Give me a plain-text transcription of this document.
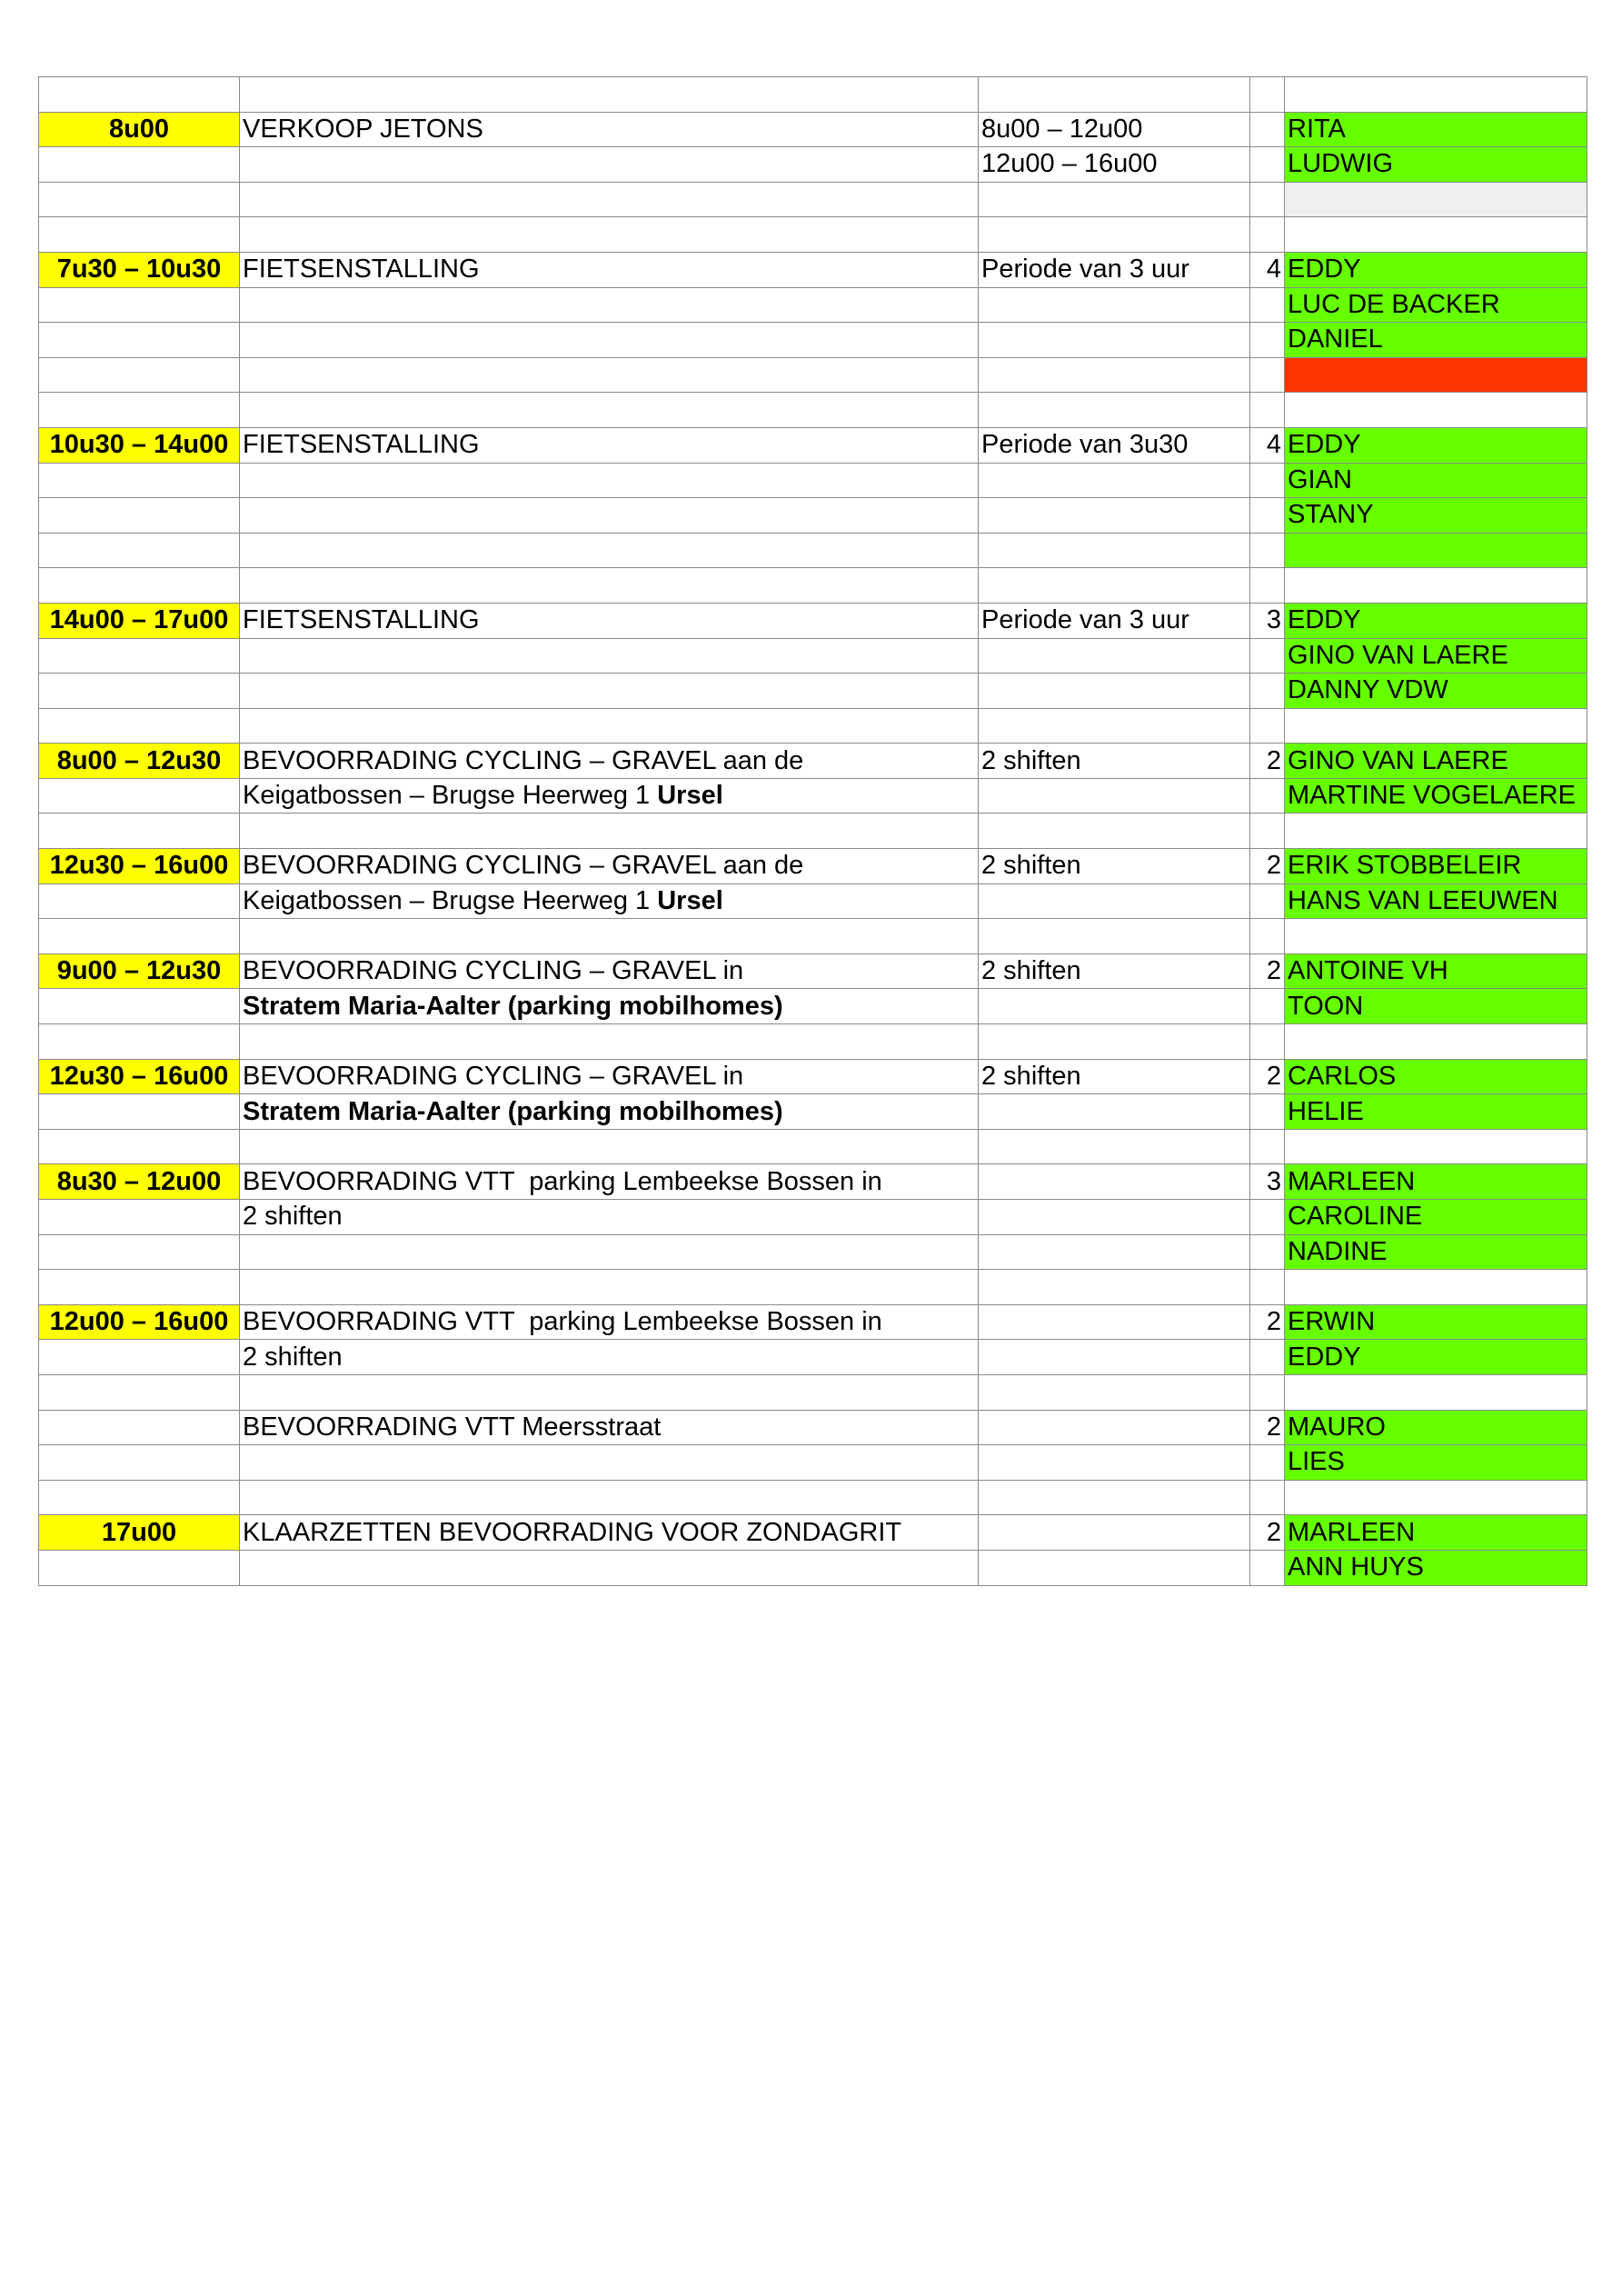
8u00	VERKOOP JETONS	8u00 – 12u00		RITA
		12u00 – 16u00		LUDWIG

7u30 – 10u30	FIETSENSTALLING	Periode van 3 uur	4	EDDY
				LUC DE BACKER
				DANIEL

10u30 – 14u00	FIETSENSTALLING	Periode van 3u30	4	EDDY
				GIAN
				STANY

14u00 – 17u00	FIETSENSTALLING	Periode van 3 uur	3	EDDY
				GINO VAN LAERE
				DANNY VDW

8u00 – 12u30	BEVOORRADING CYCLING – GRAVEL aan de	2 shiften	2	GINO VAN LAERE
	Keigatbossen – Brugse Heerweg 1 Ursel			MARTINE VOGELAERE

12u30 – 16u00	BEVOORRADING CYCLING – GRAVEL aan de	2 shiften	2	ERIK STOBBELEIR
	Keigatbossen – Brugse Heerweg 1 Ursel			HANS VAN LEEUWEN

9u00 – 12u30	BEVOORRADING CYCLING – GRAVEL in	2 shiften	2	ANTOINE VH
	Stratem Maria-Aalter (parking mobilhomes)			TOON

12u30 – 16u00	BEVOORRADING CYCLING – GRAVEL in	2 shiften	2	CARLOS
	Stratem Maria-Aalter (parking mobilhomes)			HELIE

8u30 – 12u00	BEVOORRADING VTT  parking Lembeekse Bossen in		3	MARLEEN
	2 shiften			CAROLINE
				NADINE

12u00 – 16u00	BEVOORRADING VTT  parking Lembeekse Bossen in		2	ERWIN
	2 shiften			EDDY

	BEVOORRADING VTT Meersstraat		2	MAURO
				LIES

17u00	KLAARZETTEN BEVOORRADING VOOR ZONDAGRIT		2	MARLEEN
				ANN HUYS
